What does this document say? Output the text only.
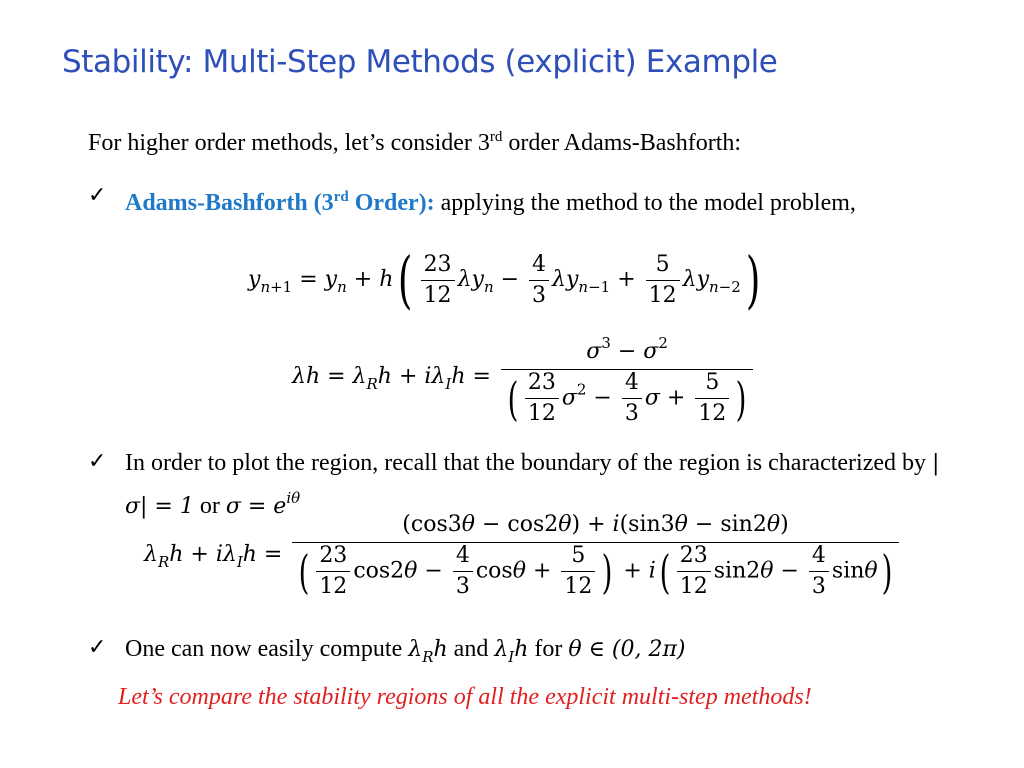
Stability: Multi-Step Methods (explicit) Example
For higher order methods, let’s consider 3rd order Adams-Bashforth:
✓ Adams-Bashforth (3rd Order): applying the method to the model problem,
$y_{n+1} = y_n + h( \frac{23}{12} \lambda y_n - \frac{4}{3} \lambda y_{n-1} + \frac{5}{12} \lambda y_{n-2})$
$\lambda h = \lambda_Rh + i\lambda_Ih = \frac{\sigma^3 - \sigma^2}{( \frac{23}{12} \sigma^2 - \frac{4}{3} \sigma + \frac{5}{12} )}$
✓ In order to plot the region, recall that the boundary of the region is characterized by |σ| = 1 or $\sigma = e^{i\theta}$
$\lambda_Rh + i\lambda_Ih = \frac{(\cos 3\theta - \cos 2\theta) + i(\sin 3\theta - \sin 2\theta)}{( \frac{23}{12} \cos 2\theta - \frac{4}{3} \cos\theta + \frac{5}{12} ) + i( \frac{23}{12} \sin 2\theta - \frac{4}{3} \sin\theta)}$
✓ One can now easily compute $\lambda_Rh$ and $\lambda_Ih$ for θ ∈ (0, 2π)
Let’s compare the stability regions of all the explicit multi-step methods!
